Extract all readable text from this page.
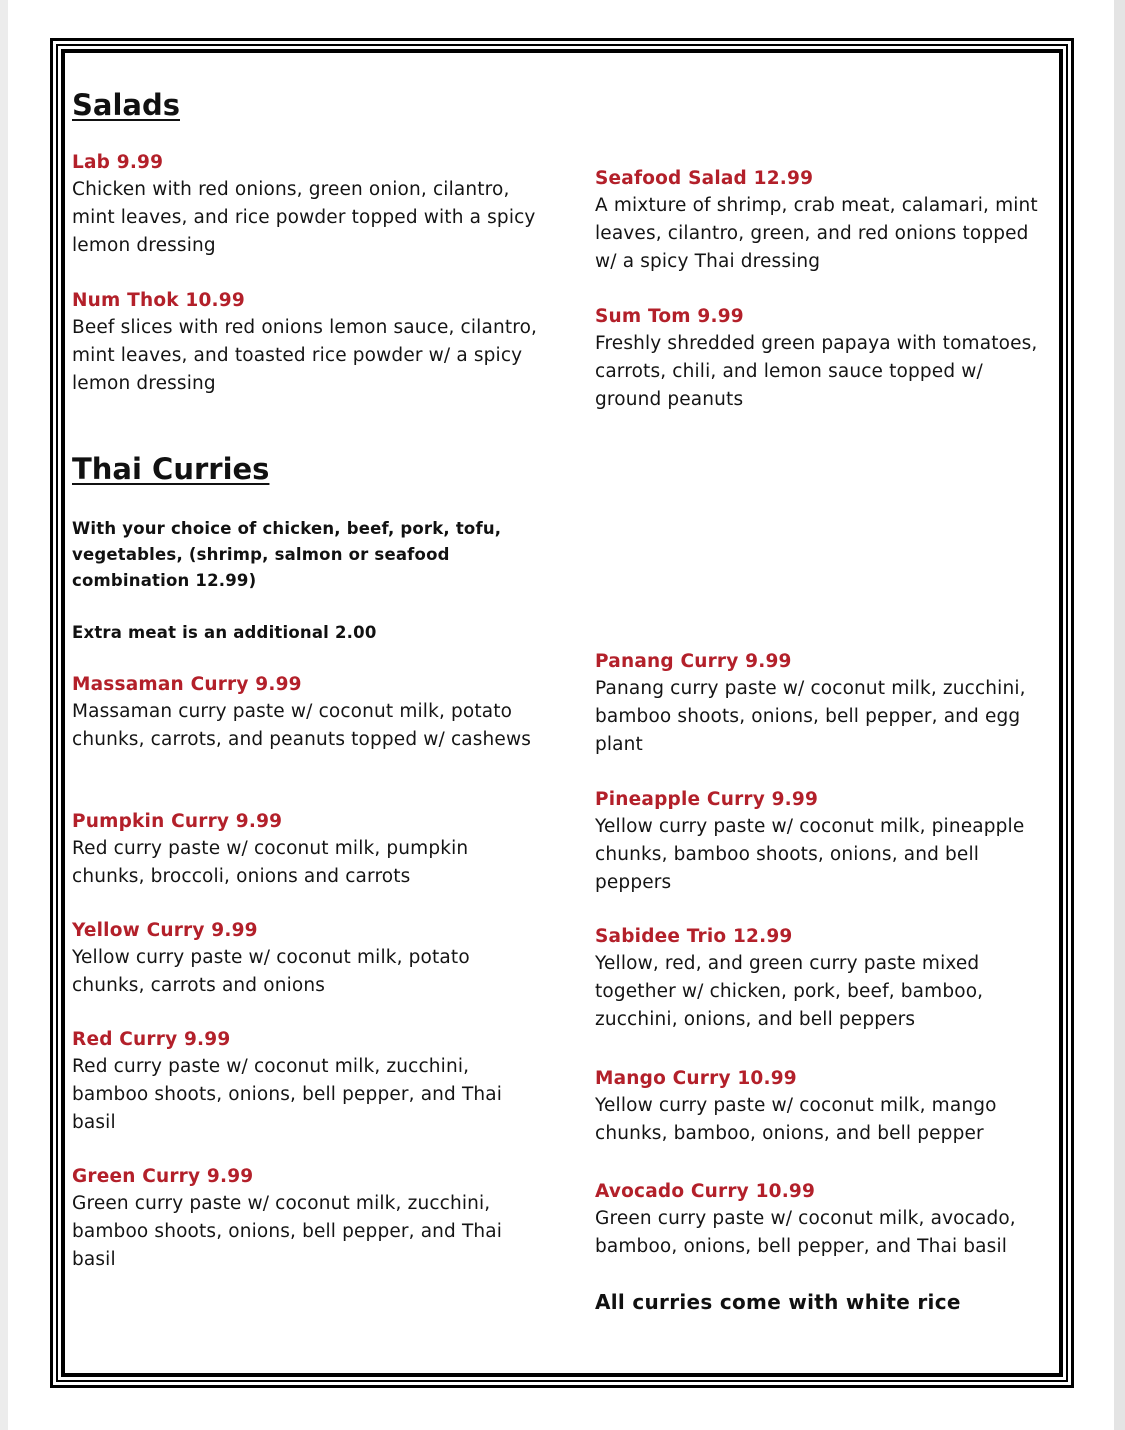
Salads
Lab 9.99
Chicken with red onions, green onion, cilantro, mint leaves, and rice powder topped with a spicy lemon dressing
Num Thok 10.99
Beef slices with red onions lemon sauce, cilantro, mint leaves, and toasted rice powder w/ a spicy lemon dressing
Seafood Salad 12.99
A mixture of shrimp, crab meat, calamari, mint leaves, cilantro, green, and red onions topped w/ a spicy Thai dressing
Sum Tom 9.99
Freshly shredded green papaya with tomatoes, carrots, chili, and lemon sauce topped w/ ground peanuts
Thai Curries
With your choice of chicken, beef, pork, tofu, vegetables, (shrimp, salmon or seafood combination 12.99)
Extra meat is an additional 2.00
Massaman Curry 9.99
Massaman curry paste w/ coconut milk, potato chunks, carrots, and peanuts topped w/ cashews
Pumpkin Curry 9.99
Red curry paste w/ coconut milk, pumpkin chunks, broccoli, onions and carrots
Yellow Curry 9.99
Yellow curry paste w/ coconut milk, potato chunks, carrots and onions
Red Curry 9.99
Red curry paste w/ coconut milk, zucchini, bamboo shoots, onions, bell pepper, and Thai basil
Green Curry 9.99
Green curry paste w/ coconut milk, zucchini, bamboo shoots, onions, bell pepper, and Thai basil
Panang Curry 9.99
Panang curry paste w/ coconut milk, zucchini, bamboo shoots, onions, bell pepper, and egg plant
Pineapple Curry 9.99
Yellow curry paste w/ coconut milk, pineapple chunks, bamboo shoots, onions, and bell peppers
Sabidee Trio 12.99
Yellow, red, and green curry paste mixed together w/ chicken, pork, beef, bamboo, zucchini, onions, and bell peppers
Mango Curry 10.99
Yellow curry paste w/ coconut milk, mango chunks, bamboo, onions, and bell pepper
Avocado Curry 10.99
Green curry paste w/ coconut milk, avocado, bamboo, onions, bell pepper, and Thai basil
All curries come with white rice
